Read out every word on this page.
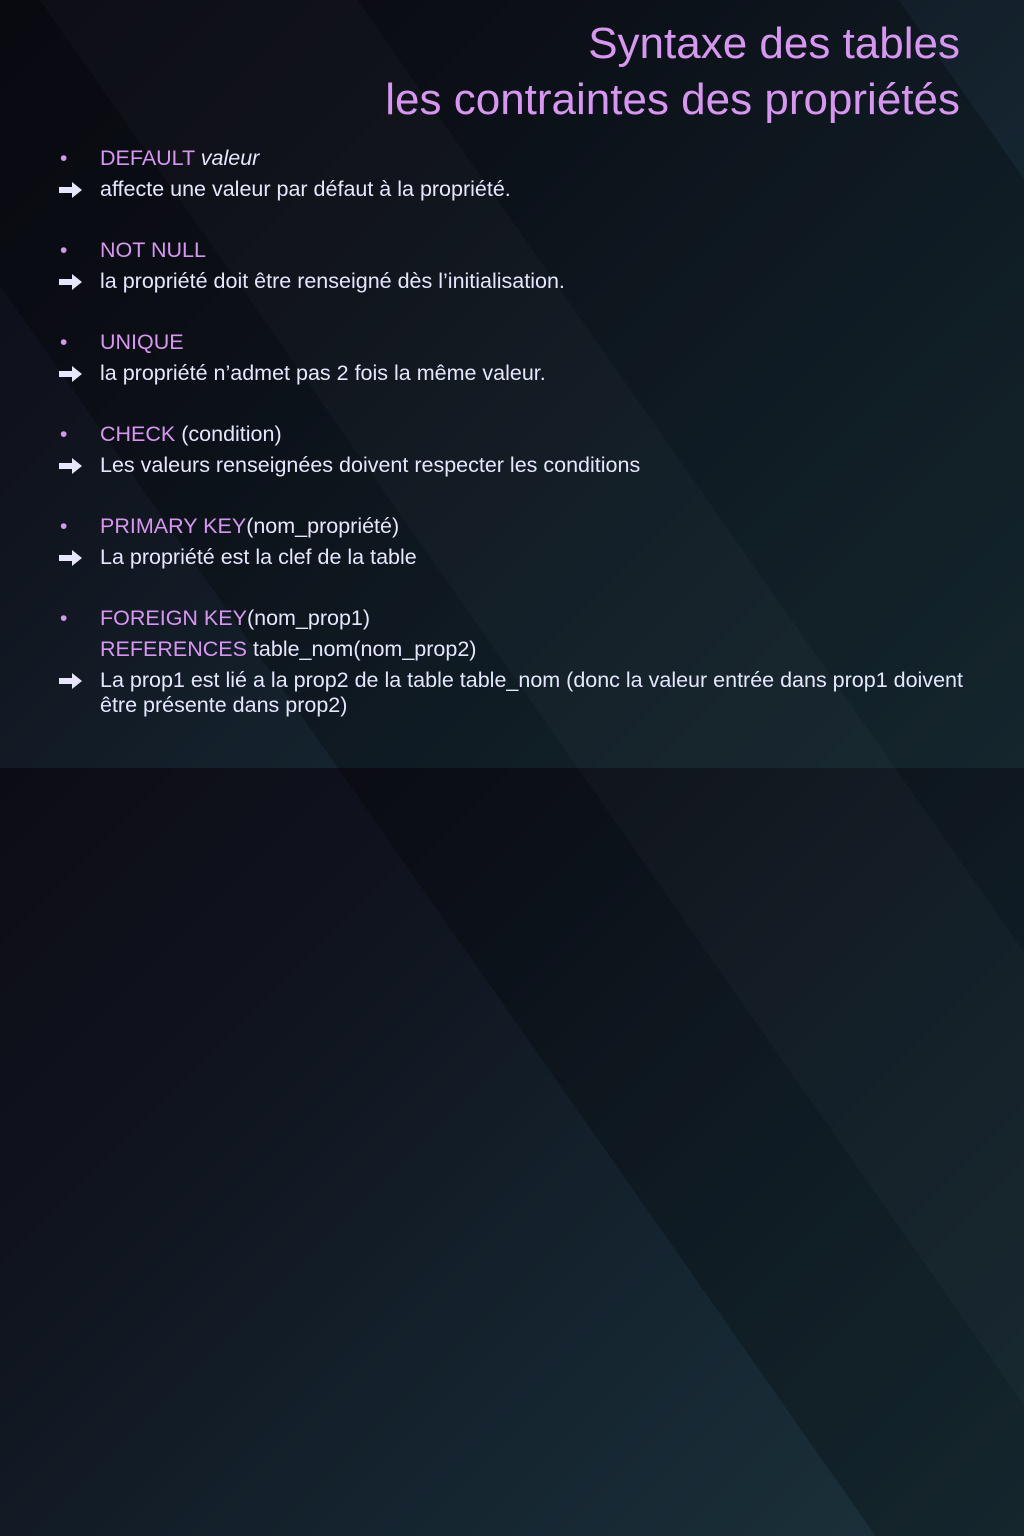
Syntaxe des tables
les contraintes des propriétés
• DEFAULT valeur
affecte une valeur par défaut à la propriété.
• NOT NULL
la propriété doit être renseigné dès l’initialisation.
• UNIQUE
la propriété n’admet pas 2 fois la même valeur.
• CHECK (condition)
Les valeurs renseignées doivent respecter les conditions
• PRIMARY KEY(nom_propriété)
La propriété est la clef de la table
• FOREIGN KEY(nom_prop1)
REFERENCES table_nom(nom_prop2)
La prop1 est lié a la prop2 de la table table_nom (donc la valeur entrée dans prop1 doivent être présente dans prop2)
